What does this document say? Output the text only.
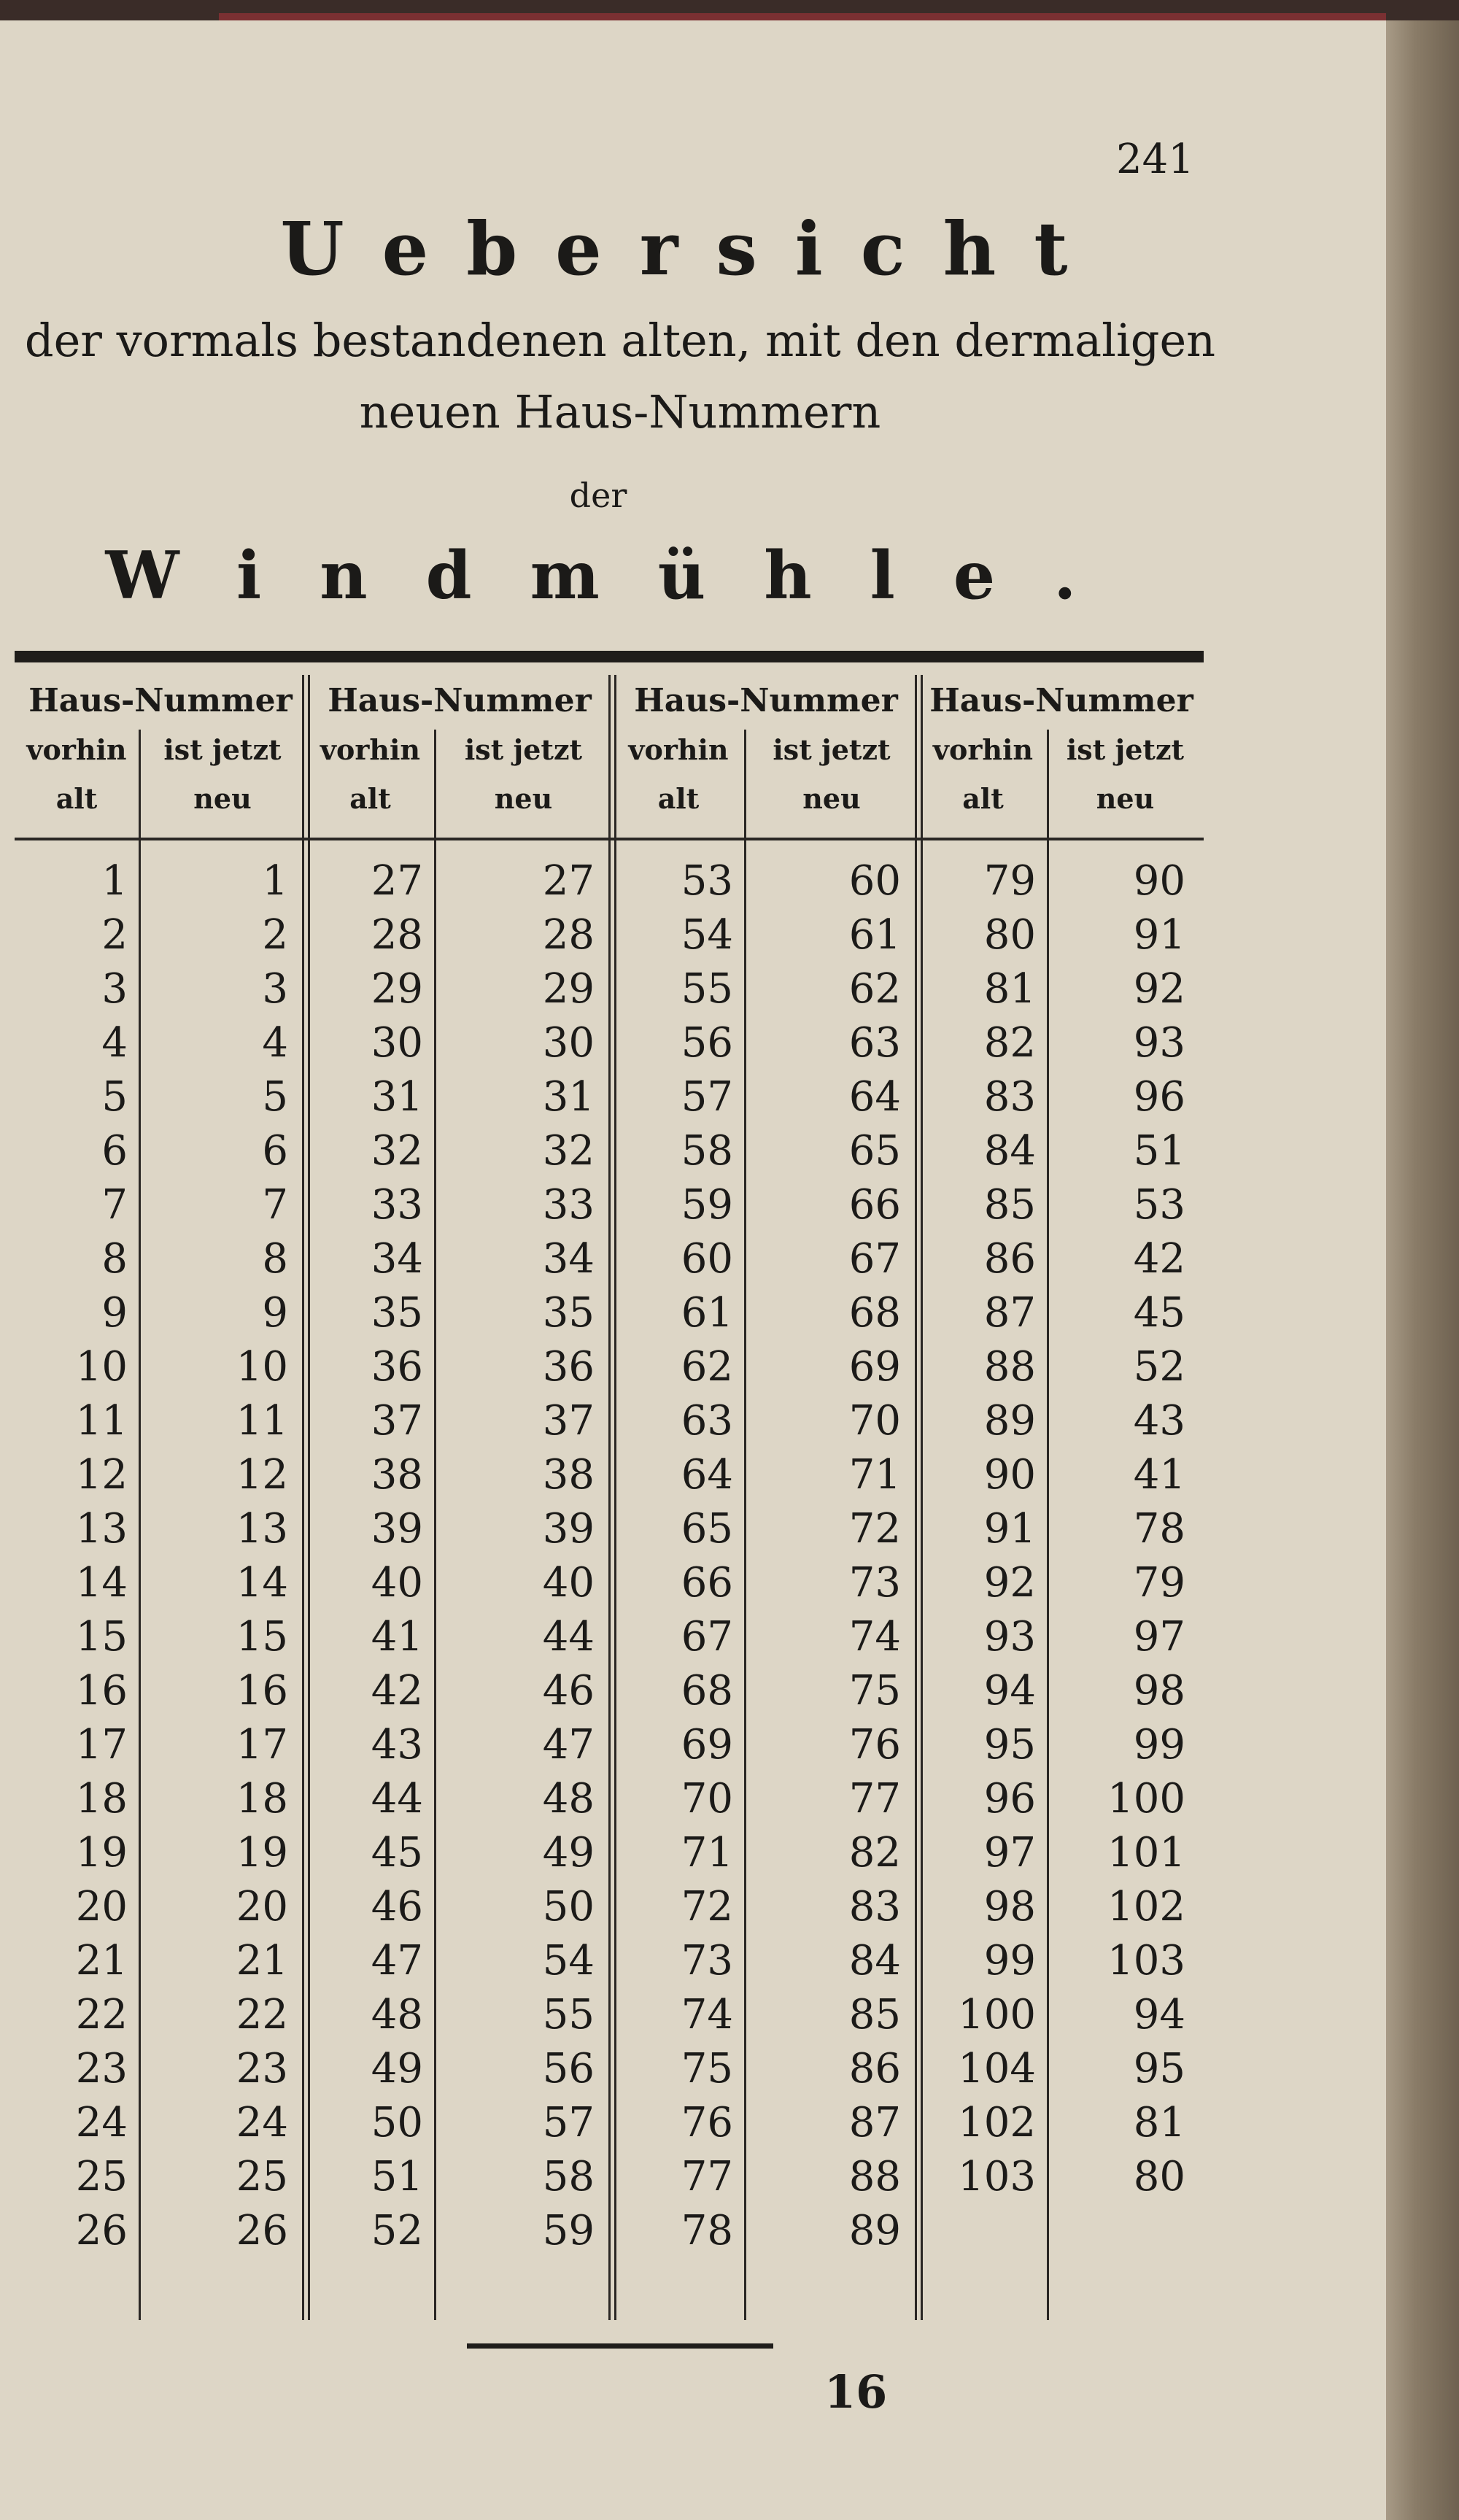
241
Uebersicht
der vormals bestandenen alten, mit den dermaligen
neuen Haus-Nummern
der
Windmühle.
Haus-Nummer
vorhin
alt
ist jetzt
neu
1
2
3
4
5
6
7
8
9
10
11
12
13
14
15
16
17
18
19
20
21
22
23
24
25
26
1
2
3
4
5
6
7
8
9
10
11
12
13
14
15
16
17
18
19
20
21
22
23
24
25
26
Haus-Nummer
vorhin
alt
ist jetzt
neu
27
28
29
30
31
32
33
34
35
36
37
38
39
40
41
42
43
44
45
46
47
48
49
50
51
52
27
28
29
30
31
32
33
34
35
36
37
38
39
40
44
46
47
48
49
50
54
55
56
57
58
59
Haus-Nummer
vorhin
alt
ist jetzt
neu
53
54
55
56
57
58
59
60
61
62
63
64
65
66
67
68
69
70
71
72
73
74
75
76
77
78
60
61
62
63
64
65
66
67
68
69
70
71
72
73
74
75
76
77
82
83
84
85
86
87
88
89
Haus-Nummer
vorhin
alt
ist jetzt
neu
79
80
81
82
83
84
85
86
87
88
89
90
91
92
93
94
95
96
97
98
99
100
104
102
103
90
91
92
93
96
51
53
42
45
52
43
41
78
79
97
98
99
100
101
102
103
94
95
81
80
16
